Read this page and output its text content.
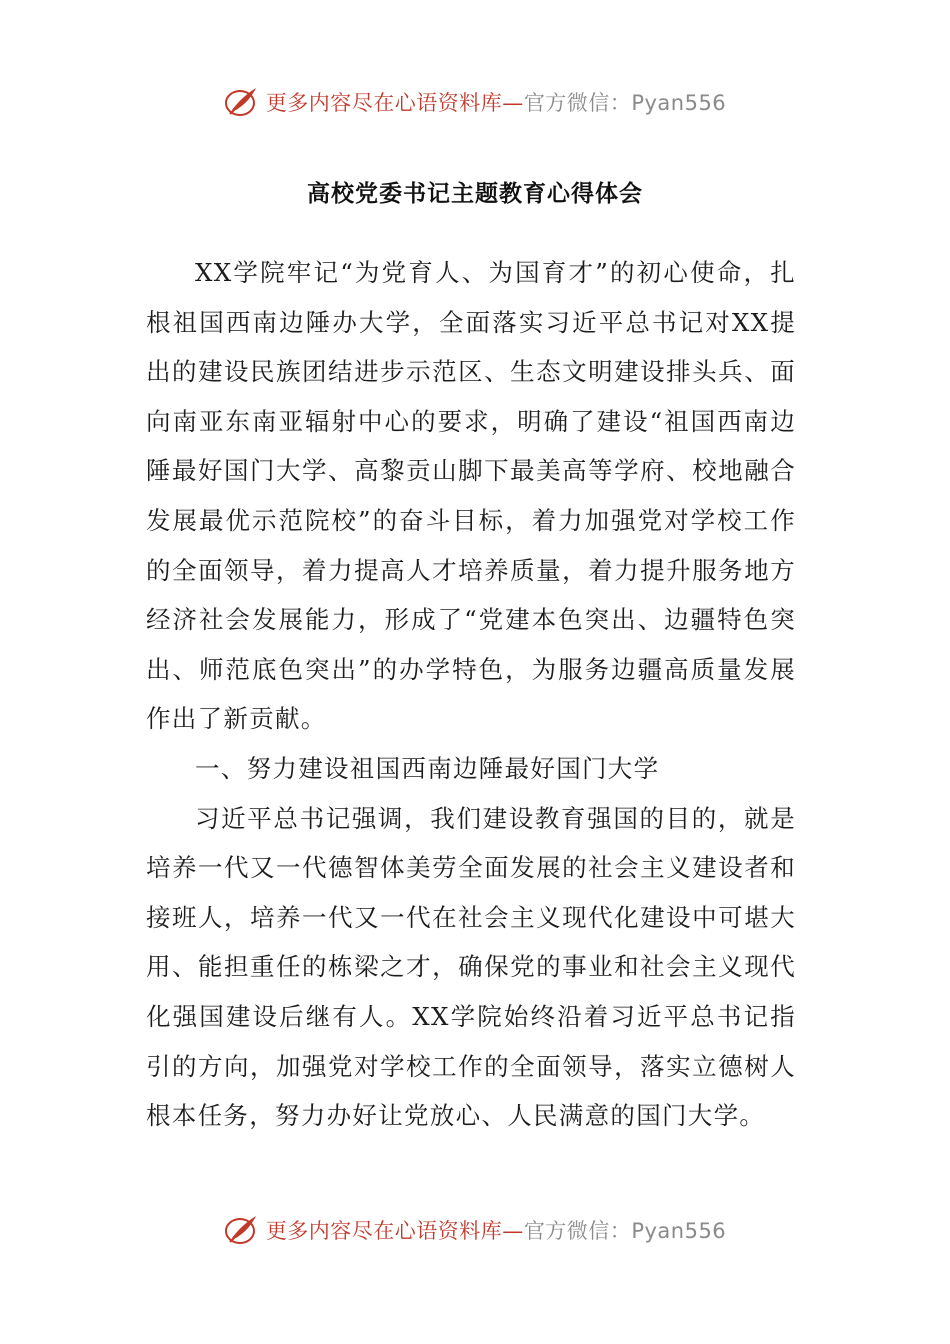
更多内容尽在心语资料库—官方微信：Pyan556
高校党委书记主题教育心得体会

XX学院牢记“为党育人、为国育才”的初心使命，扎根祖国西南边陲办大学，全面落实习近平总书记对XX提出的建设民族团结进步示范区、生态文明建设排头兵、面向南亚东南亚辐射中心的要求，明确了建设“祖国西南边陲最好国门大学、高黎贡山脚下最美高等学府、校地融合发展最优示范院校”的奋斗目标，着力加强党对学校工作的全面领导，着力提高人才培养质量，着力提升服务地方经济社会发展能力，形成了“党建本色突出、边疆特色突出、师范底色突出”的办学特色，为服务边疆高质量发展作出了新贡献。

一、努力建设祖国西南边陲最好国门大学

习近平总书记强调，我们建设教育强国的目的，就是培养一代又一代德智体美劳全面发展的社会主义建设者和接班人，培养一代又一代在社会主义现代化建设中可堪大用、能担重任的栋梁之才，确保党的事业和社会主义现代化强国建设后继有人。XX学院始终沿着习近平总书记指引的方向，加强党对学校工作的全面领导，落实立德树人根本任务，努力办好让党放心、人民满意的国门大学。

更多内容尽在心语资料库—官方微信：Pyan556
